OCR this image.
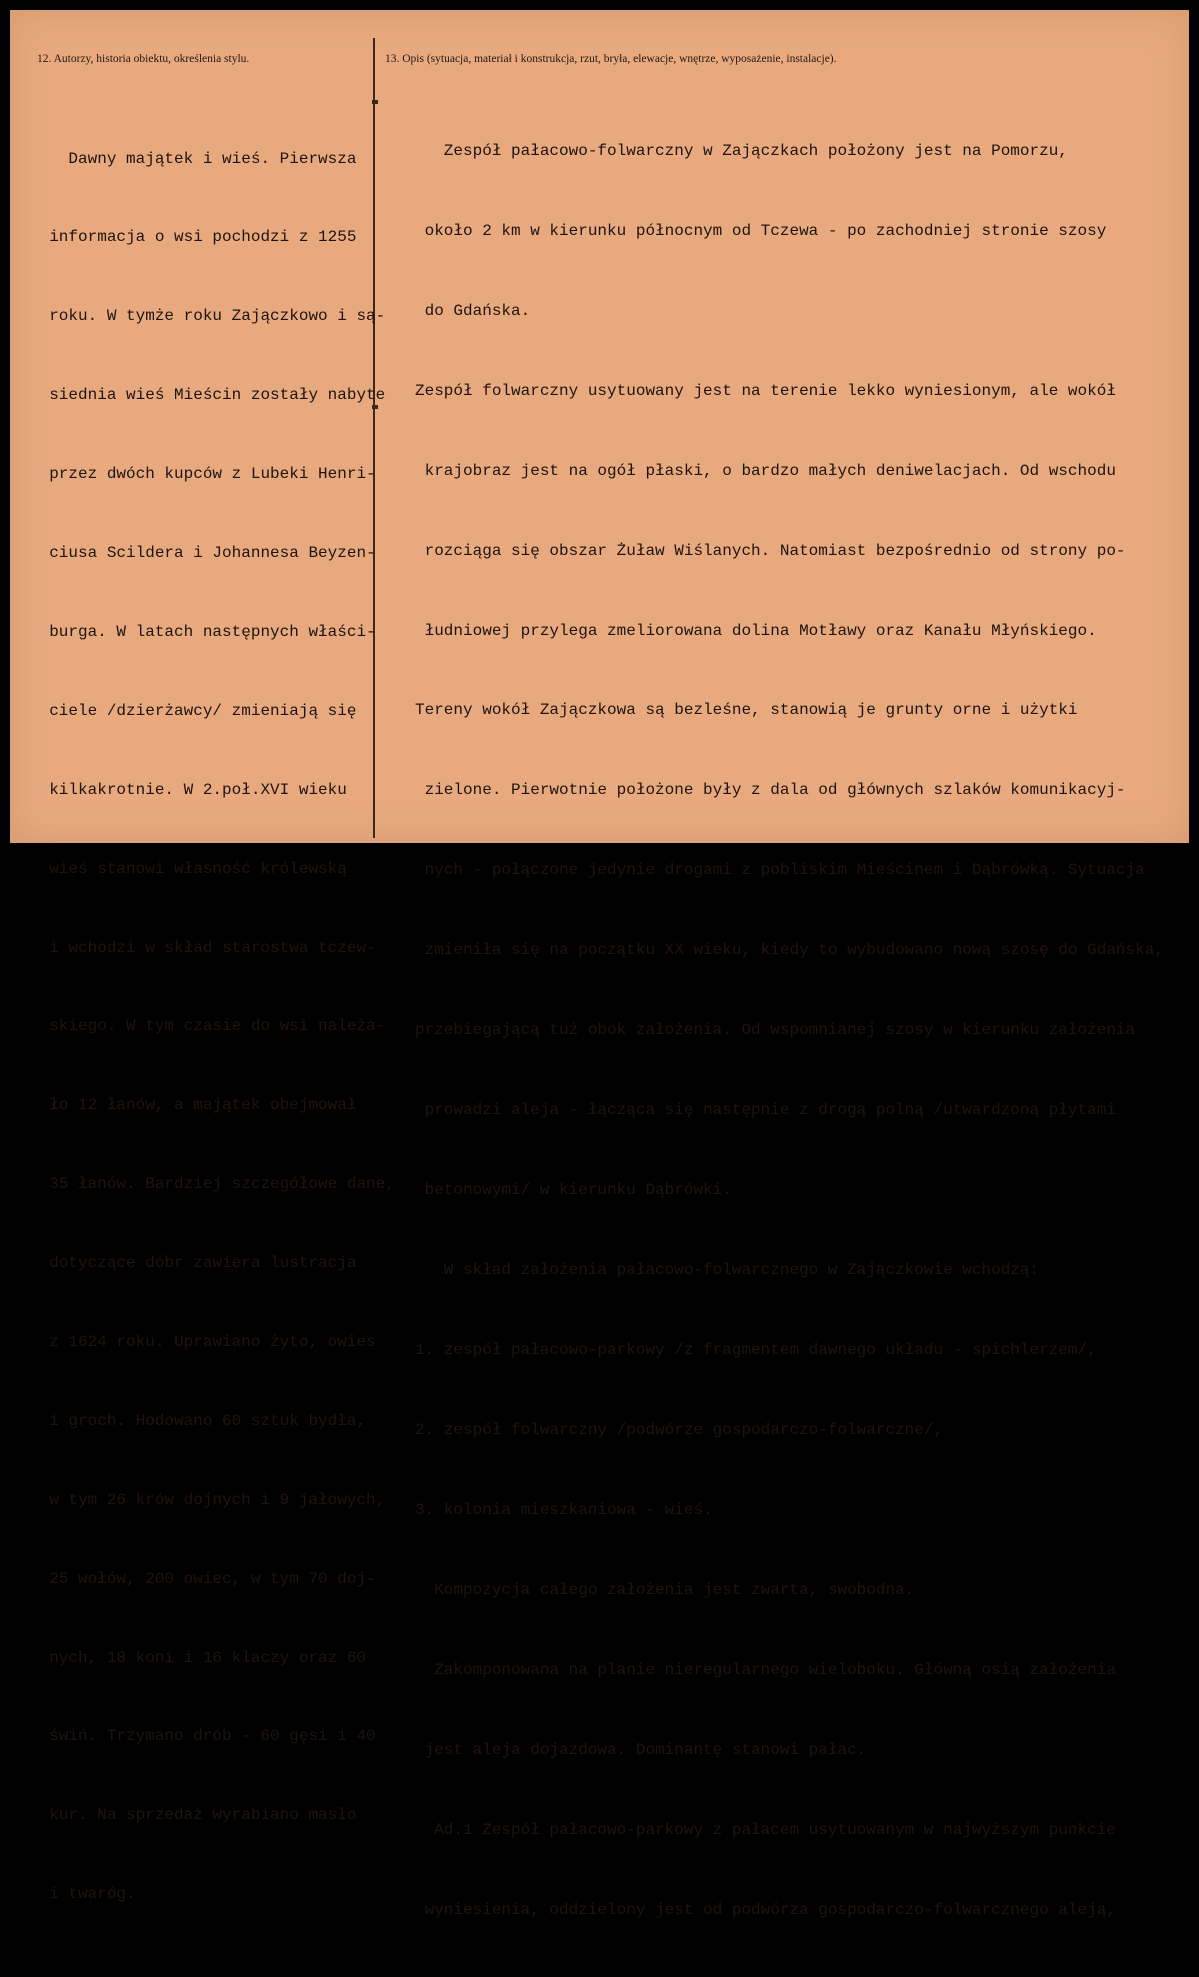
12. Autorzy, historia obiektu, określenia stylu.	13. Opis (sytuacja, materiał i konstrukcja, rzut, bryła, elewacje, wnętrze, wyposażenie, instalacje).

Dawny majątek i wieś. Pierwsza

informacja o wsi pochodzi z 1255

roku. W tymże roku Zajączkowo i są-

siednia wieś Mieścin zostały nabyte

przez dwóch kupców z Lubeki Henri-

ciusa Scildera i Johannesa Beyzen-

burga. W latach następnych właści-

ciele /dzierżawcy/ zmieniają się

kilkakrotnie. W 2.poł.XVI wieku

wieś stanowi własność królewską

i wchodzi w skład starostwa tczew-

skiego. W tym czasie do wsi należa-

ło 12 łanów, a majątek obejmował

35 łanów. Bardziej szczegółowe dane,

dotyczące dóbr zawiera lustracja

z 1624 roku. Uprawiano żyto, owies

i groch. Hodowano 60 sztuk bydła,

w tym 26 krów dojnych i 9 jałowych,

25 wołów, 200 owiec, w tym 70 doj-

nych, 18 koni i 16 klaczy oraz 60

świń. Trzymano drób - 60 gęsi i 40

kur. Na sprzedaż wyrabiano masło

i twaróg.

Zespół pałacowo-folwarczny w Zajączkach położony jest na Pomorzu,

około 2 km w kierunku północnym od Tczewa - po zachodniej stronie szosy

do Gdańska.

Zespół folwarczny usytuowany jest na terenie lekko wyniesionym, ale wokół

krajobraz jest na ogół płaski, o bardzo małych deniwelacjach. Od wschodu

rozciąga się obszar Żuław Wiślanych. Natomiast bezpośrednio od strony po-

łudniowej przylega zmeliorowana dolina Motławy oraz Kanału Młyńskiego.

Tereny wokół Zajączkowa są bezleśne, stanowią je grunty orne i użytki

zielone. Pierwotnie położone były z dala od głównych szlaków komunikacyj-

nych - połączone jedynie drogami z pobliskim Mieścinem i Dąbrówką. Sytuacja

zmieniła się na początku XX wieku, kiedy to wybudowano nową szosę do Gdańska,

przebiegającą tuż obok założenia. Od wspomnianej szosy w kierunku założenia

prowadzi aleja - łącząca się następnie z drogą polną /utwardzoną płytami

betonowymi/ w kierunku Dąbrówki.

W skład założenia pałacowo-folwarcznego w Zajączkowie wchodzą:

1. zespół pałacowo-parkowy /z fragmentem dawnego układu - spichlerzem/,

2. zespół folwarczny /podwórze gospodarczo-folwarczne/,

3. kolonia mieszkaniowa - wieś.

Kompozycja całego założenia jest zwarta, swobodna.

Zakomponowana na planie nieregularnego wieloboku. Główną osią założenia

jest aleja dojazdowa. Dominantę stanowi pałac.

Ad.1 Zespół pałacowo-parkowy z pałacem usytuowanym w najwyższym punkcie

wyniesienia, oddzielony jest od podwórza gospodarczo-folwarcznego aleją,
